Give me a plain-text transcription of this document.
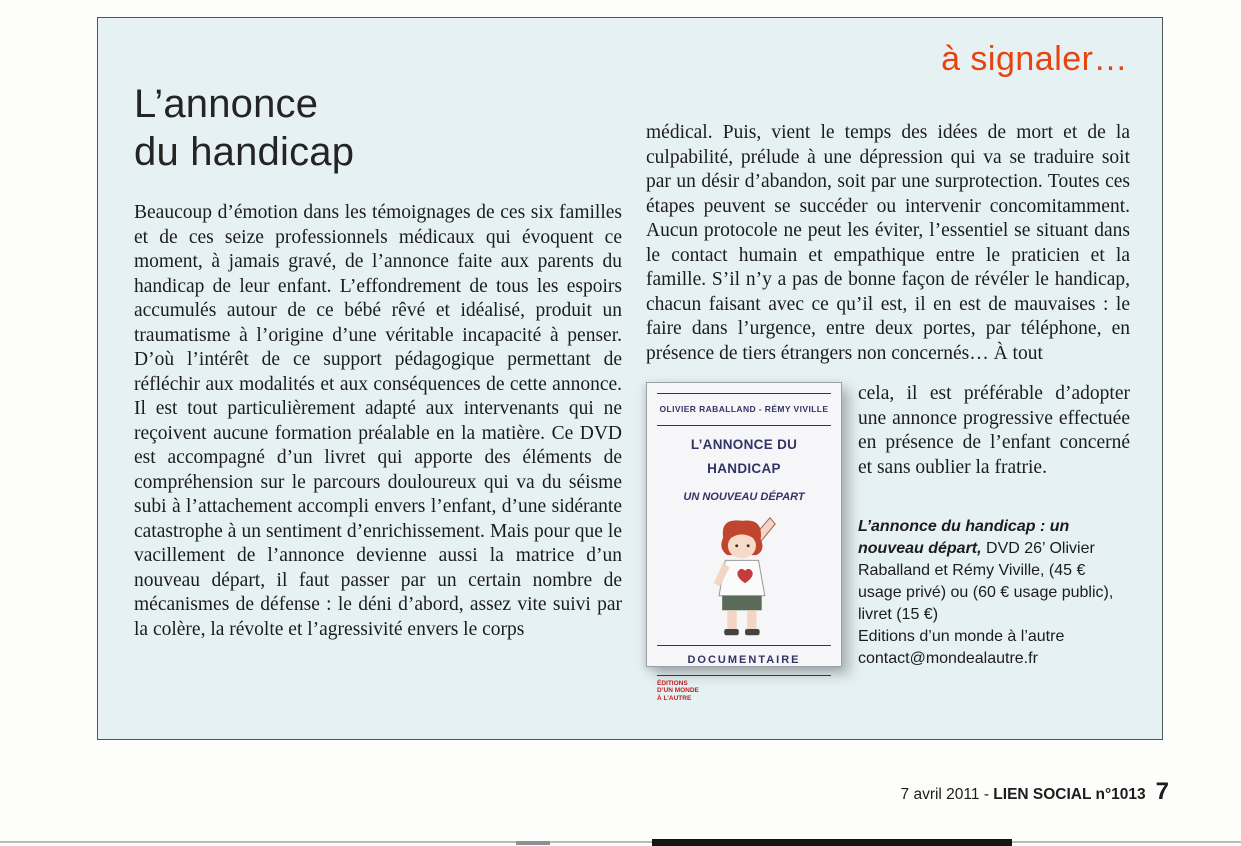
à signaler…
L’annonce
du handicap

Beaucoup d’émotion dans les témoignages de ces six familles et de ces seize professionnels médicaux qui évoquent ce moment, à jamais gravé, de l’annonce faite aux parents du handicap de leur enfant. L’effondrement de tous les espoirs accumulés autour de ce bébé rêvé et idéalisé, produit un traumatisme à l’origine d’une véritable incapacité à penser. D’où l’intérêt de ce support pédagogique permettant de réfléchir aux modalités et aux conséquences de cette annonce. Il est tout particulièrement adapté aux intervenants qui ne reçoivent aucune formation préalable en la matière. Ce DVD est accompagné d’un livret qui apporte des éléments de compréhension sur le parcours douloureux qui va du séisme subi à l’attachement accompli envers l’enfant, d’une sidérante catastrophe à un sentiment d’enrichissement. Mais pour que le vacillement de l’annonce devienne aussi la matrice d’un nouveau départ, il faut passer par un certain nombre de mécanismes de défense : le déni d’abord, assez vite suivi par la colère, la révolte et l’agressivité envers le corps

médical. Puis, vient le temps des idées de mort et de la culpabilité, prélude à une dépression qui va se traduire soit par un désir d’abandon, soit par une surprotection. Toutes ces étapes peuvent se succéder ou intervenir concomitamment. Aucun protocole ne peut les éviter, l’essentiel se situant dans le contact humain et empathique entre le praticien et la famille. S’il n’y a pas de bonne façon de révéler le handicap, chacun faisant avec ce qu’il est, il en est de mauvaises : le faire dans l’urgence, entre deux portes, par téléphone, en présence de tiers étrangers non concernés… À tout

OLIVIER RABALLAND - RÉMY VIVILLE
L’ANNONCE DU HANDICAP
UN NOUVEAU DÉPART
DOCUMENTAIRE
ÉDITIONS
D’UN MONDE
À L’AUTRE

cela, il est préférable d’adopter une annonce progressive effectuée en présence de l’enfant concerné et sans oublier la fratrie.

L’annonce du handicap : un nouveau départ, DVD 26’ Olivier Raballand et Rémy Viville, (45 € usage privé) ou (60 € usage public), livret (15 €)
Editions d’un monde à l’autre
contact@mondealautre.fr
7 avril 2011 - LIEN SOCIAL n°1013 7
